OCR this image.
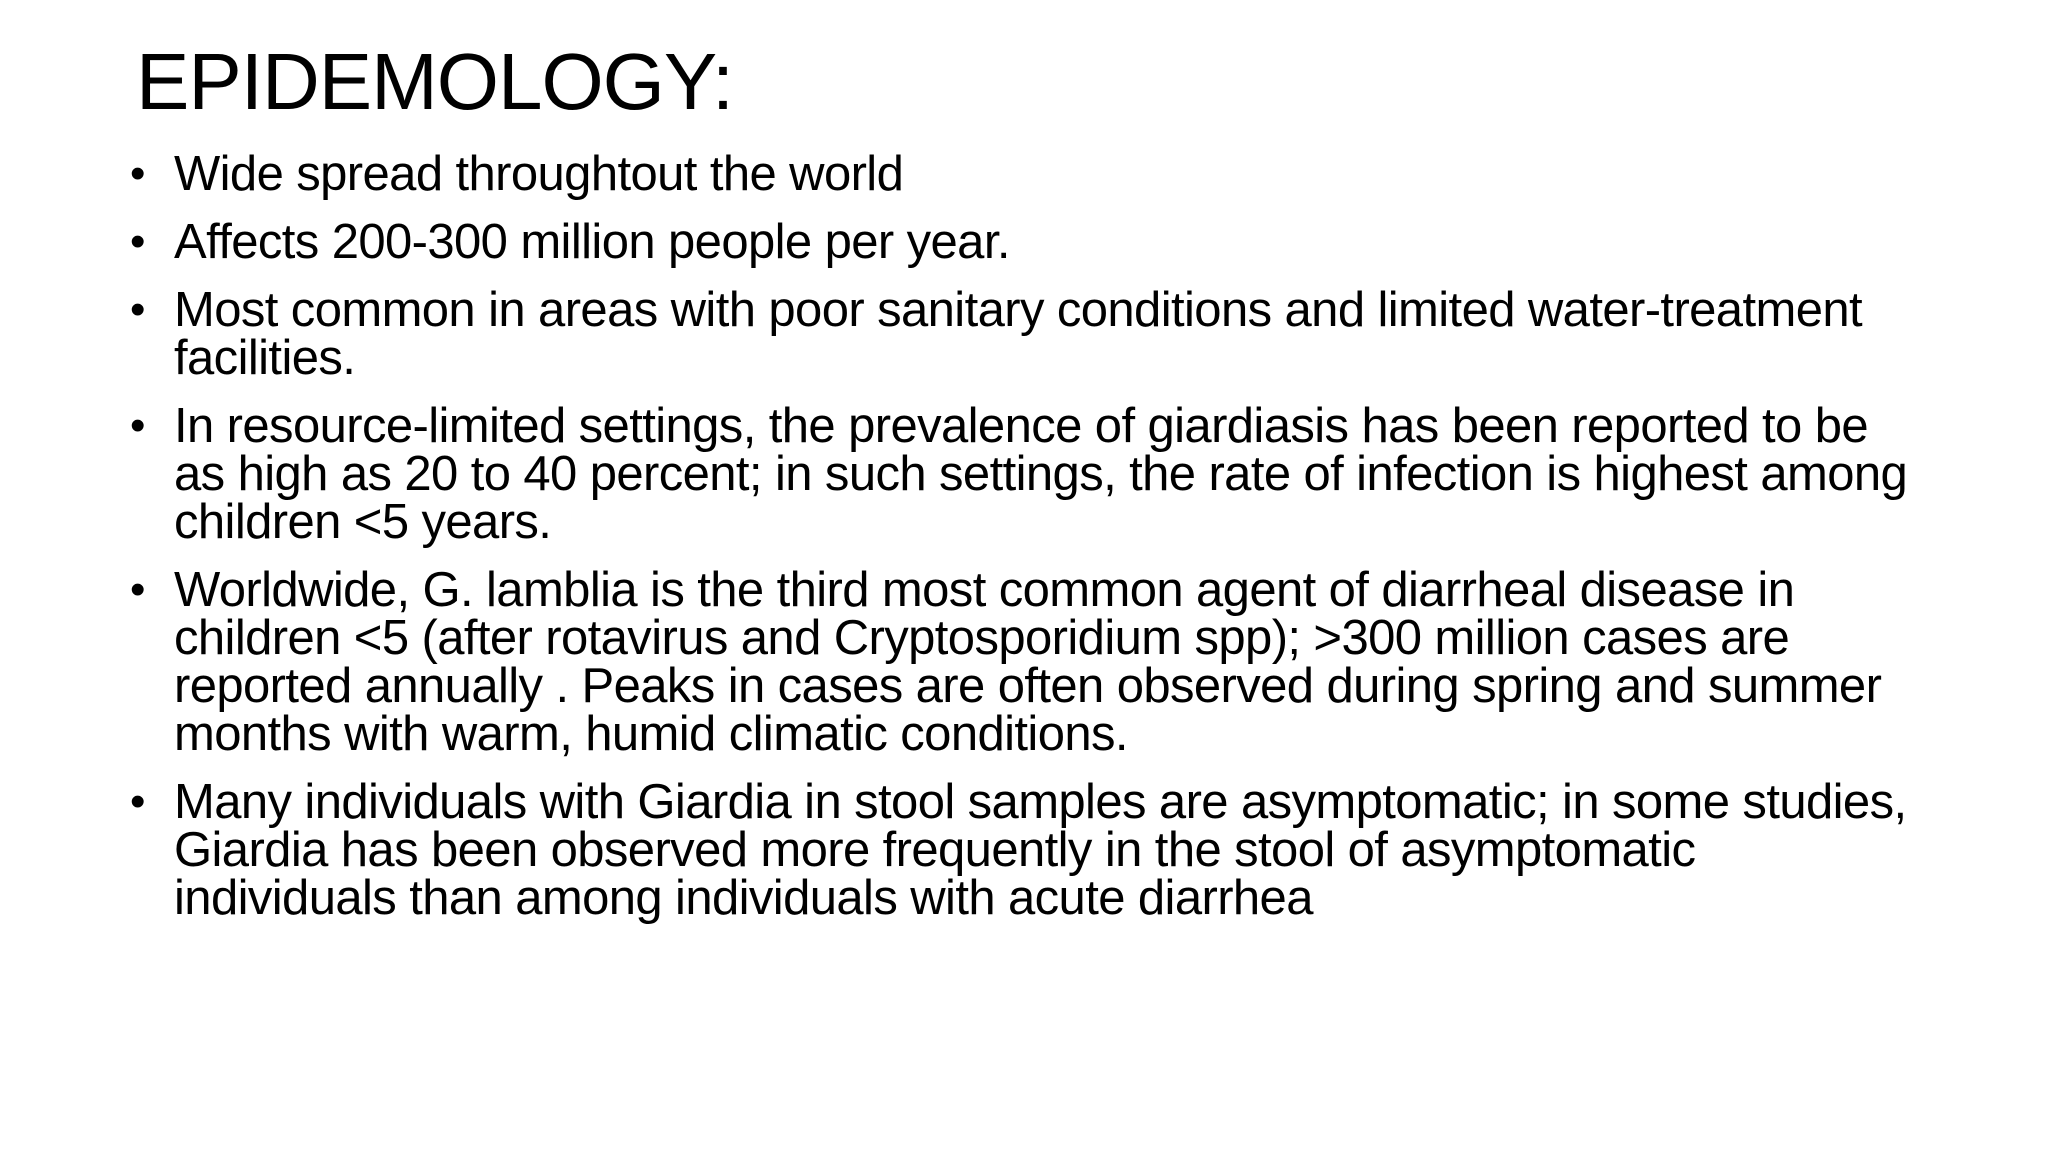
EPIDEMOLOGY:
• Wide spread throughtout the world
• Affects 200-300 million people per year.
• Most common in areas with poor sanitary conditions and limited water-treatment facilities.
• In resource-limited settings, the prevalence of giardiasis has been reported to be as high as 20 to 40 percent; in such settings, the rate of infection is highest among children <5 years.
• Worldwide, G. lamblia is the third most common agent of diarrheal disease in children <5 (after rotavirus and Cryptosporidium spp); >300 million cases are reported annually . Peaks in cases are often observed during spring and summer months with warm, humid climatic conditions.
• Many individuals with Giardia in stool samples are asymptomatic; in some studies, Giardia has been observed more frequently in the stool of asymptomatic individuals than among individuals with acute diarrhea
